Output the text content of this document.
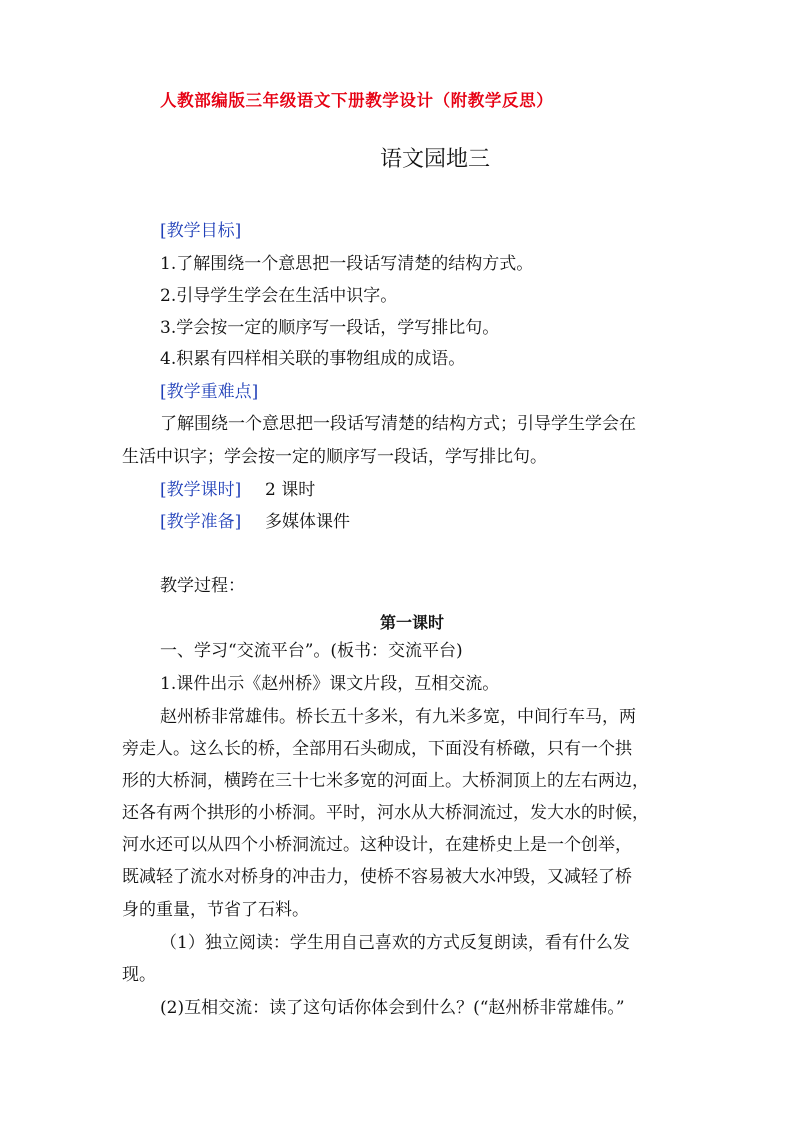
人教部编版三年级语文下册教学设计（附教学反思）
语文园地三
[教学目标]
1.了解围绕一个意思把一段话写清楚的结构方式。
2.引导学生学会在生活中识字。
3.学会按一定的顺序写一段话，学写排比句。
4.积累有四样相关联的事物组成的成语。
[教学重难点]
了解围绕一个意思把一段话写清楚的结构方式；引导学生学会在
生活中识字；学会按一定的顺序写一段话，学写排比句。
[教学课时] 2 课时
[教学准备] 多媒体课件
教学过程：
第一课时
一、学习“交流平台”。(板书：交流平台)
1.课件出示《赵州桥》课文片段，互相交流。
赵州桥非常雄伟。桥长五十多米，有九米多宽，中间行车马，两
旁走人。这么长的桥，全部用石头砌成，下面没有桥礅，只有一个拱
形的大桥洞，横跨在三十七米多宽的河面上。大桥洞顶上的左右两边，
还各有两个拱形的小桥洞。平时，河水从大桥洞流过，发大水的时候，
河水还可以从四个小桥洞流过。这种设计，在建桥史上是一个创举，
既减轻了流水对桥身的冲击力，使桥不容易被大水冲毁，又减轻了桥
身的重量，节省了石料。
（1）独立阅读：学生用自己喜欢的方式反复朗读，看有什么发
现。
(2)互相交流：读了这句话你体会到什么？(“赵州桥非常雄伟。”
